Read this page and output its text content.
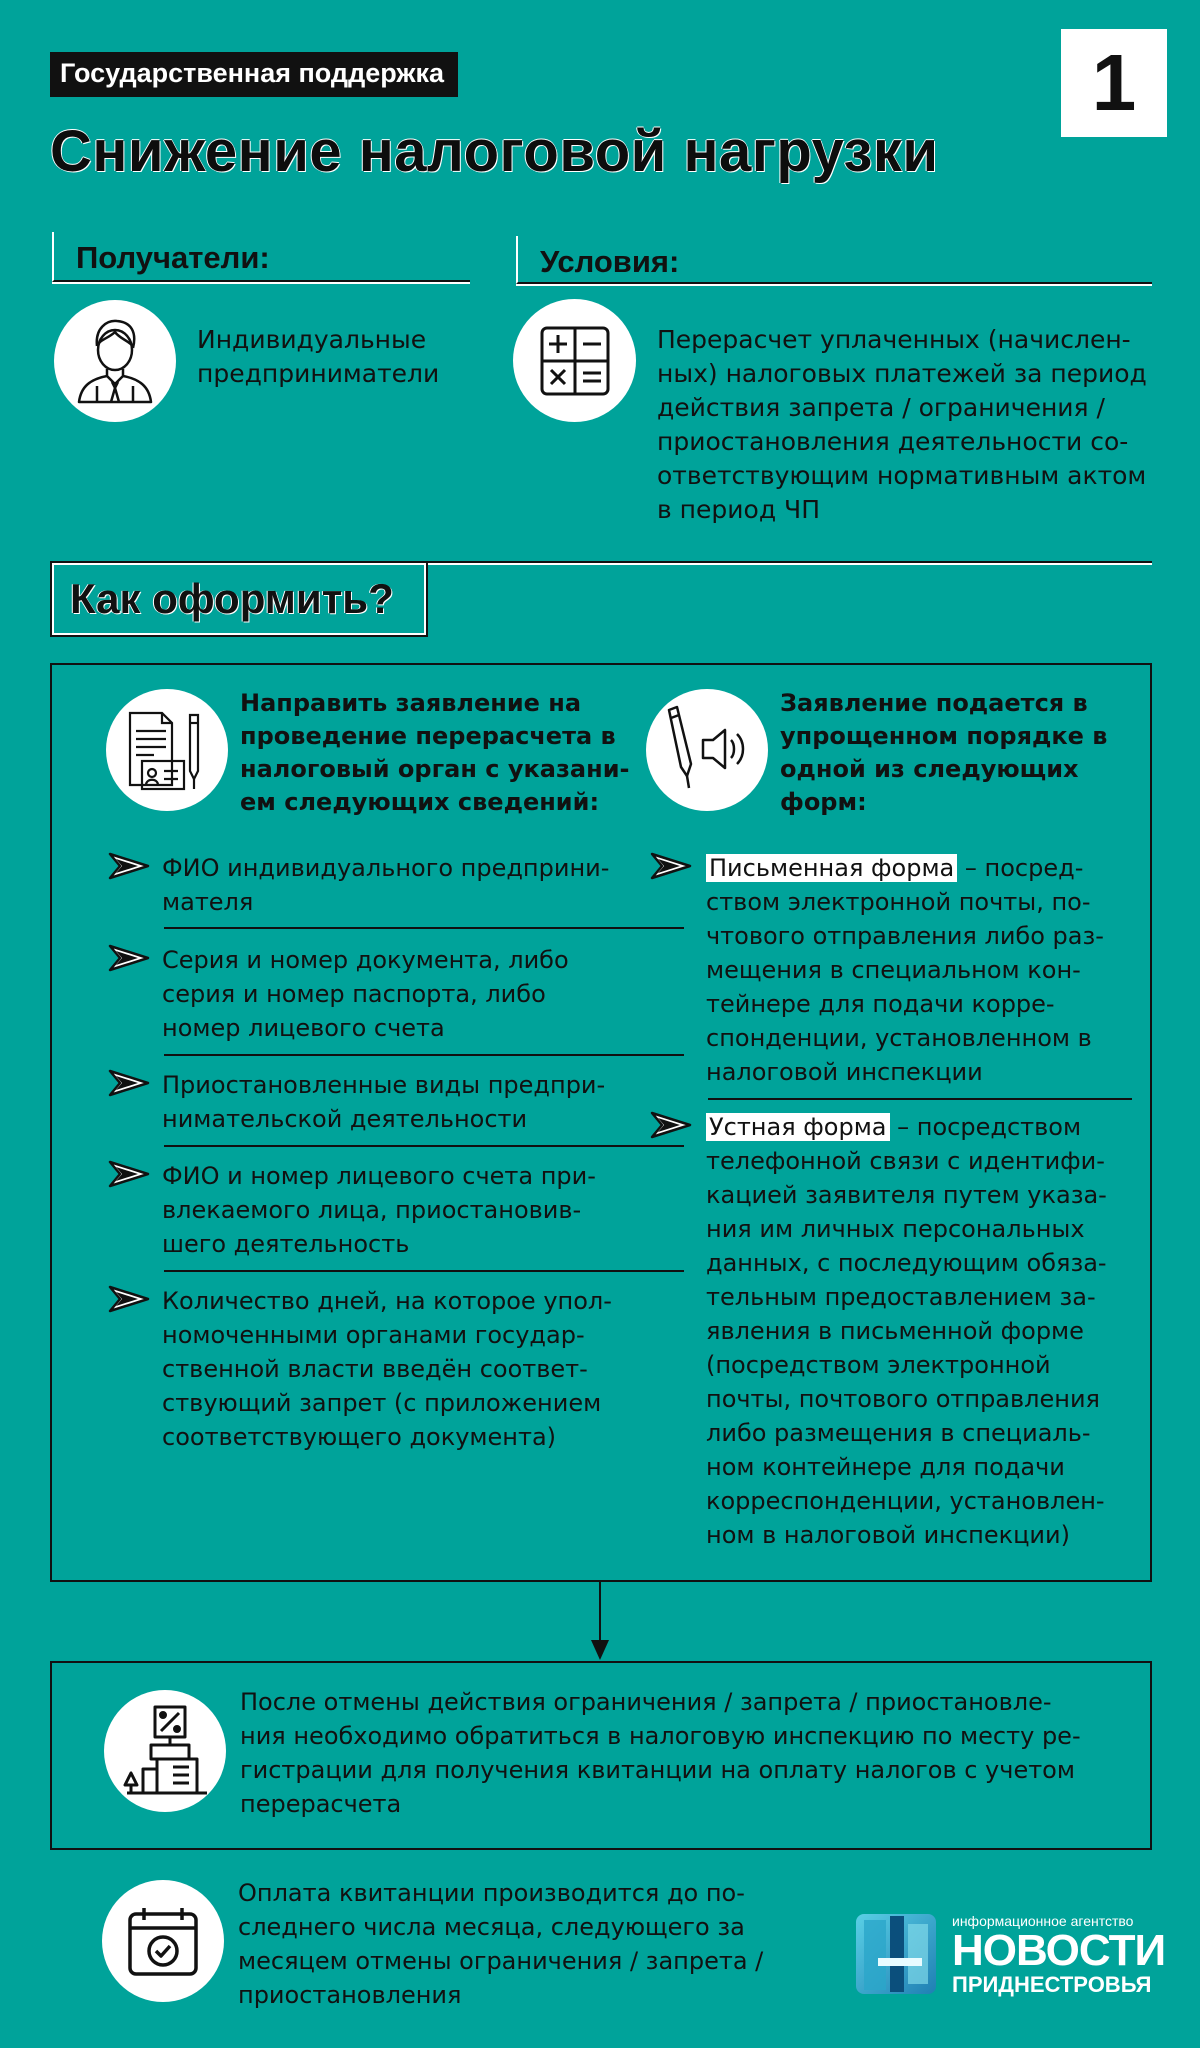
Государственная поддержка	1
Снижение налоговой нагрузки
Получатели:
Индивидуальные
предприниматели
Условия:
Перерасчет уплаченных (начислен-
ных) налоговых платежей за период
действия запрета / ограничения /
приостановления деятельности со-
ответствующим нормативным актом
в период ЧП
Как оформить?
Направить заявление на
проведение перерасчета в
налоговый орган с указани-
ем следующих сведений:
ФИО индивидуального предприни-
мателя
Серия и номер документа, либо
серия и номер паспорта, либо
номер лицевого счета
Приостановленные виды предпри-
нимательской деятельности
ФИО и номер лицевого счета при-
влекаемого лица, приостановив-
шего деятельность
Количество дней, на которое упол-
номоченными органами государ-
ственной власти введён соответ-
ствующий запрет (с приложением
соответствующего документа)
Заявление подается в
упрощенном порядке в
одной из следующих
форм:
Письменная форма – посред-
ством электронной почты, по-
чтового отправления либо раз-
мещения в специальном кон-
тейнере для подачи корре-
спонденции, установленном в
налоговой инспекции
Устная форма – посредством
телефонной связи с идентифи-
кацией заявителя путем указа-
ния им личных персональных
данных, с последующим обяза-
тельным предоставлением за-
явления в письменной форме
(посредством электронной
почты, почтового отправления
либо размещения в специаль-
ном контейнере для подачи
корреспонденции, установлен-
ном в налоговой инспекции)
После отмены действия ограничения / запрета / приостановле-
ния необходимо обратиться в налоговую инспекцию по месту ре-
гистрации для получения квитанции на оплату налогов с учетом
перерасчета
Оплата квитанции производится до по-
следнего числа месяца, следующего за
месяцем отмены ограничения / запрета /
приостановления
информационное агентство
НОВОСТИ
ПРИДНЕСТРОВЬЯ
